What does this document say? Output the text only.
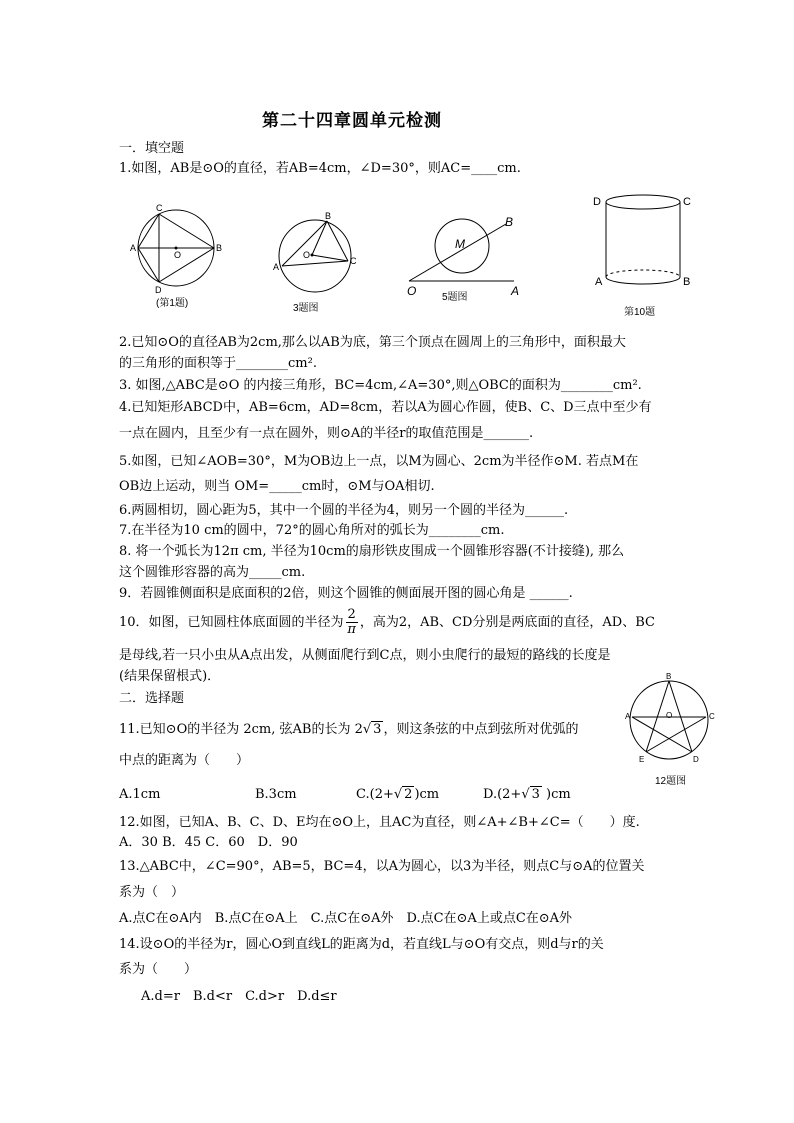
第二十四章圆单元检测
一．填空题
1.如图，AB是⊙O的直径，若AB=4cm，∠D=30°，则AC=____cm.
C
A	B
D
O
(第1题)
B
A
C
O
3题图
M
B
O	A
5题图
D	C
A	B
第10题
2.已知⊙O的直径AB为2cm,那么以AB为底，第三个顶点在圆周上的三角形中，面积最大
的三角形的面积等于________cm².
3. 如图,△ABC是⊙O 的内接三角形，BC=4cm,∠A=30°,则△OBC的面积为________cm².
4.已知矩形ABCD中，AB=6cm，AD=8cm，若以A为圆心作圆，使B、C、D三点中至少有
一点在圆内，且至少有一点在圆外，则⊙A的半径r的取值范围是_______.
5.如图，已知∠AOB=30°，M为OB边上一点，以M为圆心、2cm为半径作⊙M. 若点M在
OB边上运动，则当 OM=_____cm时，⊙M与OA相切.
6.两圆相切，圆心距为5，其中一个圆的半径为4，则另一个圆的半径为______.
7.在半径为10 cm的圆中，72°的圆心角所对的弧长为________cm.
8. 将一个弧长为12π cm, 半径为10cm的扇形铁皮围成一个圆锥形容器(不计接缝), 那么
这个圆锥形容器的高为_____cm.
9．若圆锥侧面积是底面积的2倍，则这个圆锥的侧面展开图的圆心角是 ______.
10．如图，已知圆柱体底面圆的半径为 $\frac{2}{\pi}$ ，高为2，AB、CD分别是两底面的直径，AD、BC
是母线,若一只小虫从A点出发，从侧面爬行到C点，则小虫爬行的最短的路线的长度是
(结果保留根式)．
二．选择题
B
A	C
D
E
O
12题图
11.已知⊙O的半径为 2cm, 弦AB的长为 2√ 3 ，则这条弦的中点到弦所对优弧的
中点的距离为（　　）
A.1cm	B.3cm	C.(2+√ 2 )cm	D.(2+√ 3 )cm
12.如图，已知A、B、C、D、E均在⊙O上，且AC为直径，则∠A+∠B+∠C=（　　）度.
A．30 B．45 C．60　D．90
13.△ABC中，∠C=90°，AB=5，BC=4，以A为圆心，以3为半径，则点C与⊙A的位置关
系为（　）
A.点C在⊙A内　B.点C在⊙A上　C.点C在⊙A外　D.点C在⊙A上或点C在⊙A外
14.设⊙O的半径为r，圆心O到直线L的距离为d，若直线L与⊙O有交点，则d与r的关
系为（　　）
A.d=r　B.d<r　C.d>r　D.d≤r
